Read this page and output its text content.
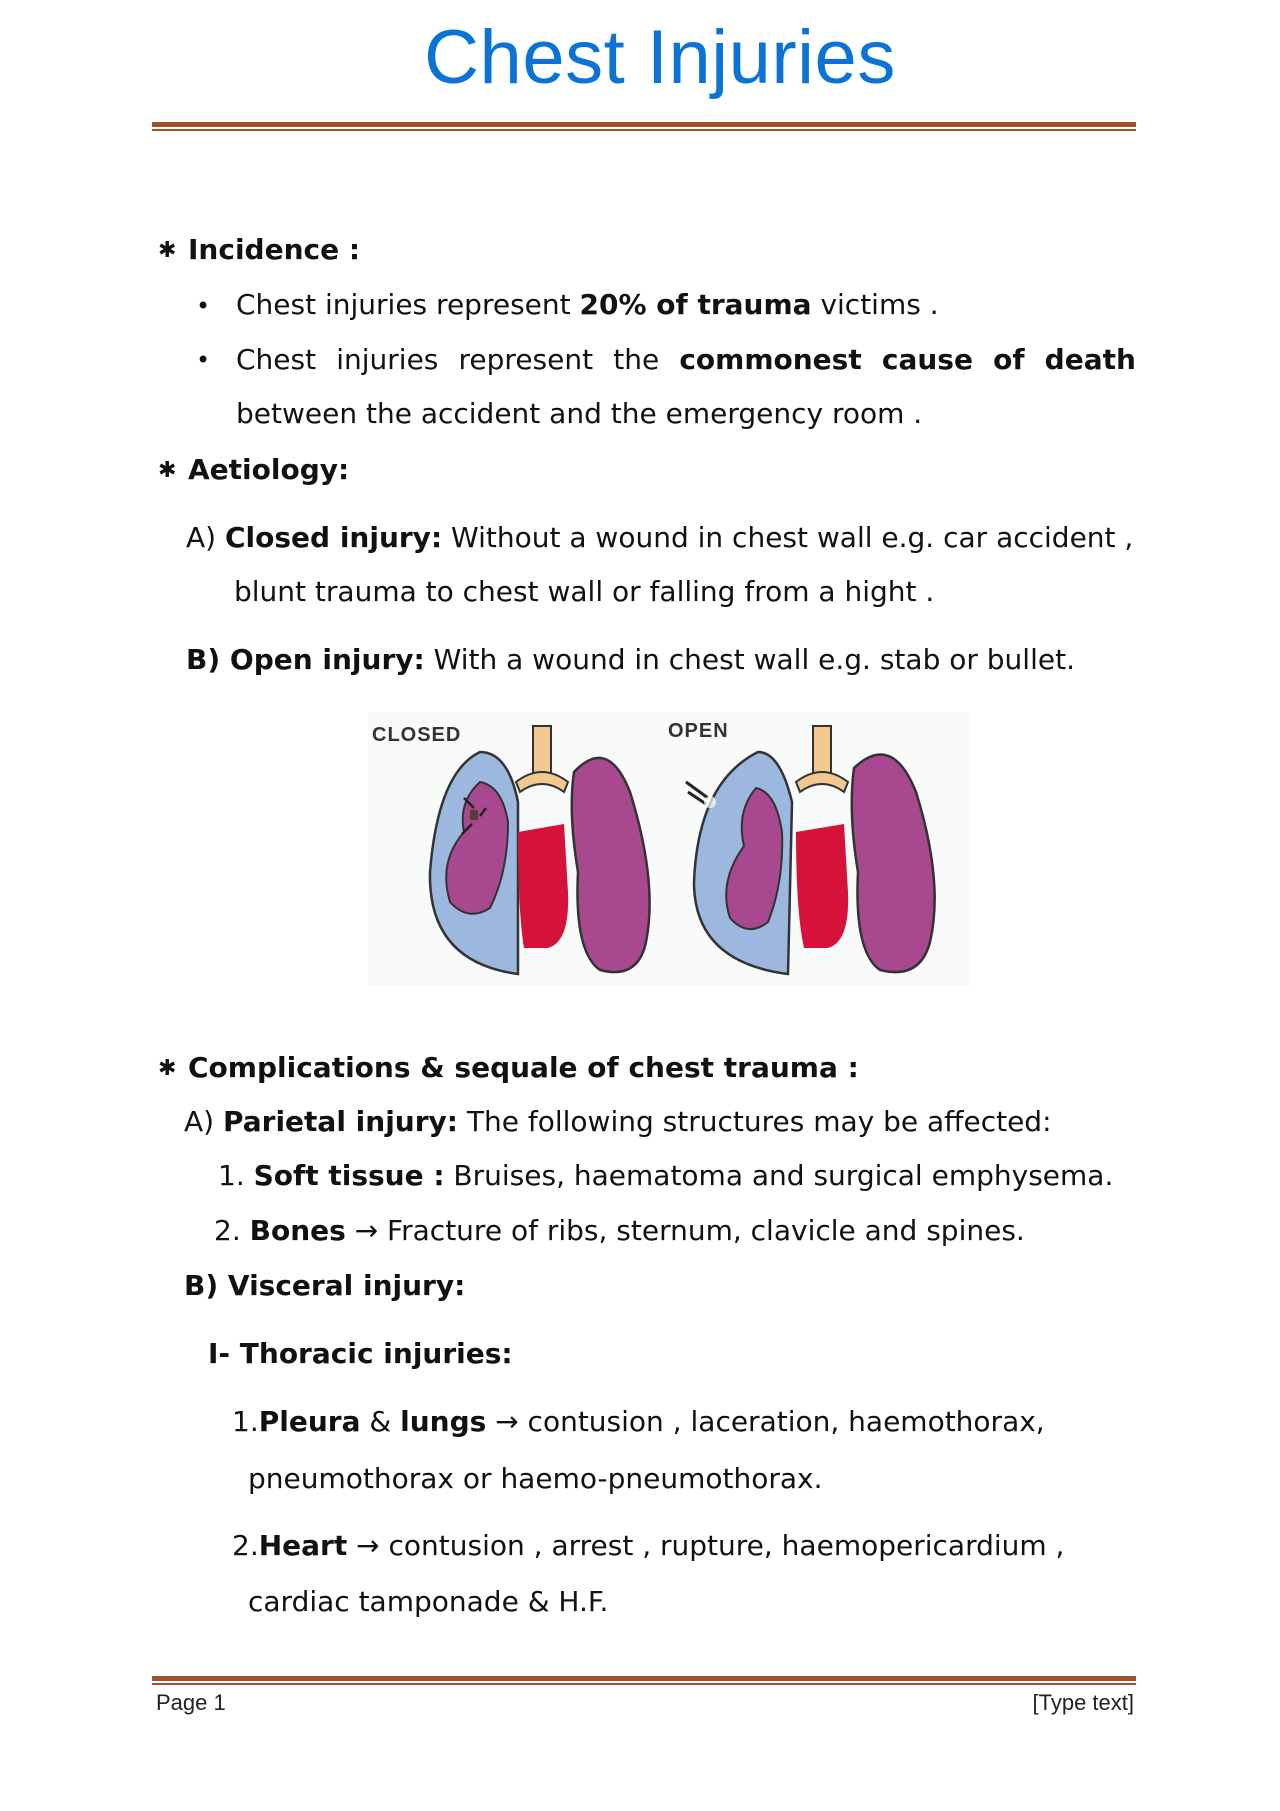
Chest Injuries
✱ Incidence :
• Chest injuries represent 20% of trauma victims .
• Chest injuries represent the commonest cause of death
between the accident and the emergency room .
✱ Aetiology:
A) Closed injury: Without a wound in chest wall e.g. car accident ,
blunt trauma to chest wall or falling from a hight .
B) Open injury: With a wound in chest wall e.g. stab or bullet.
CLOSED	OPEN
✱ Complications & sequale of chest trauma :
A) Parietal injury: The following structures may be affected:
1. Soft tissue : Bruises, haematoma and surgical emphysema.
2. Bones → Fracture of ribs, sternum, clavicle and spines.
B) Visceral injury:
I- Thoracic injuries:
1.Pleura & lungs → contusion , laceration, haemothorax,
pneumothorax or haemo-pneumothorax.
2.Heart → contusion , arrest , rupture, haemopericardium ,
cardiac tamponade & H.F.
Page 1	[Type text]
